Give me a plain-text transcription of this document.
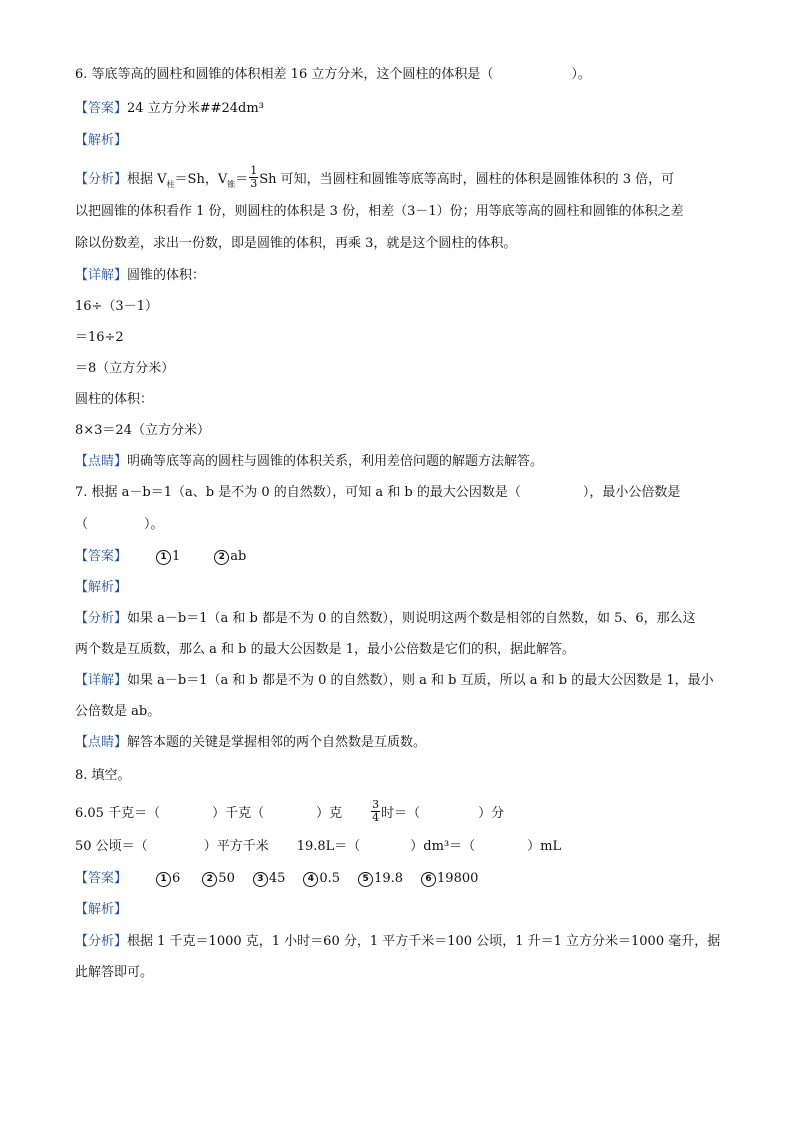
6. 等底等高的圆柱和圆锥的体积相差 16 立方分米，这个圆柱的体积是（	）。
【答案】24 立方分米##24dm³
【解析】
【分析】根据 $V_柱=Sh$，$V_锥= \frac{1}{3}$ Sh 可知，当圆柱和圆锥等底等高时，圆柱的体积是圆锥体积的 3 倍，可
以把圆锥的体积看作 1 份，则圆柱的体积是 3 份，相差（3－1）份；用等底等高的圆柱和圆锥的体积之差
除以份数差，求出一份数，即是圆锥的体积，再乘 3，就是这个圆柱的体积。
【详解】圆锥的体积：
16÷（3－1）
＝16÷2
＝8（立方分米）
圆柱的体积：
8×3＝24（立方分米）
【点睛】明确等底等高的圆柱与圆锥的体积关系，利用差倍问题的解题方法解答。
7. 根据 a－b＝1（a、b 是不为 0 的自然数），可知 a 和 b 的最大公因数是（	），最小公倍数是
（	）。
【答案】	1 1	2 ab
【解析】
【分析】如果 a－b＝1（a 和 b 都是不为 0 的自然数），则说明这两个数是相邻的自然数，如 5、6，那么这
两个数是互质数，那么 a 和 b 的最大公因数是 1，最小公倍数是它们的积，据此解答。
【详解】如果 a－b＝1（a 和 b 都是不为 0 的自然数），则 a 和 b 互质，所以 a 和 b 的最大公因数是 1，最小
公倍数是 ab。
【点睛】解答本题的关键是掌握相邻的两个自然数是互质数。
8. 填空。
6.05 千克＝（	）千克（	）克	$\frac{3}{4}$ 时＝（	）分
50 公顷＝（	）平方千米 19.8L＝（	）dm³＝（	）mL
【答案】	1 6	2 50 3 45 4 0.5 5 19.8 6 19800
【解析】
【分析】根据 1 千克＝1000 克，1 小时＝60 分，1 平方千米＝100 公顷，1 升＝1 立方分米＝1000 毫升，据
此解答即可。
